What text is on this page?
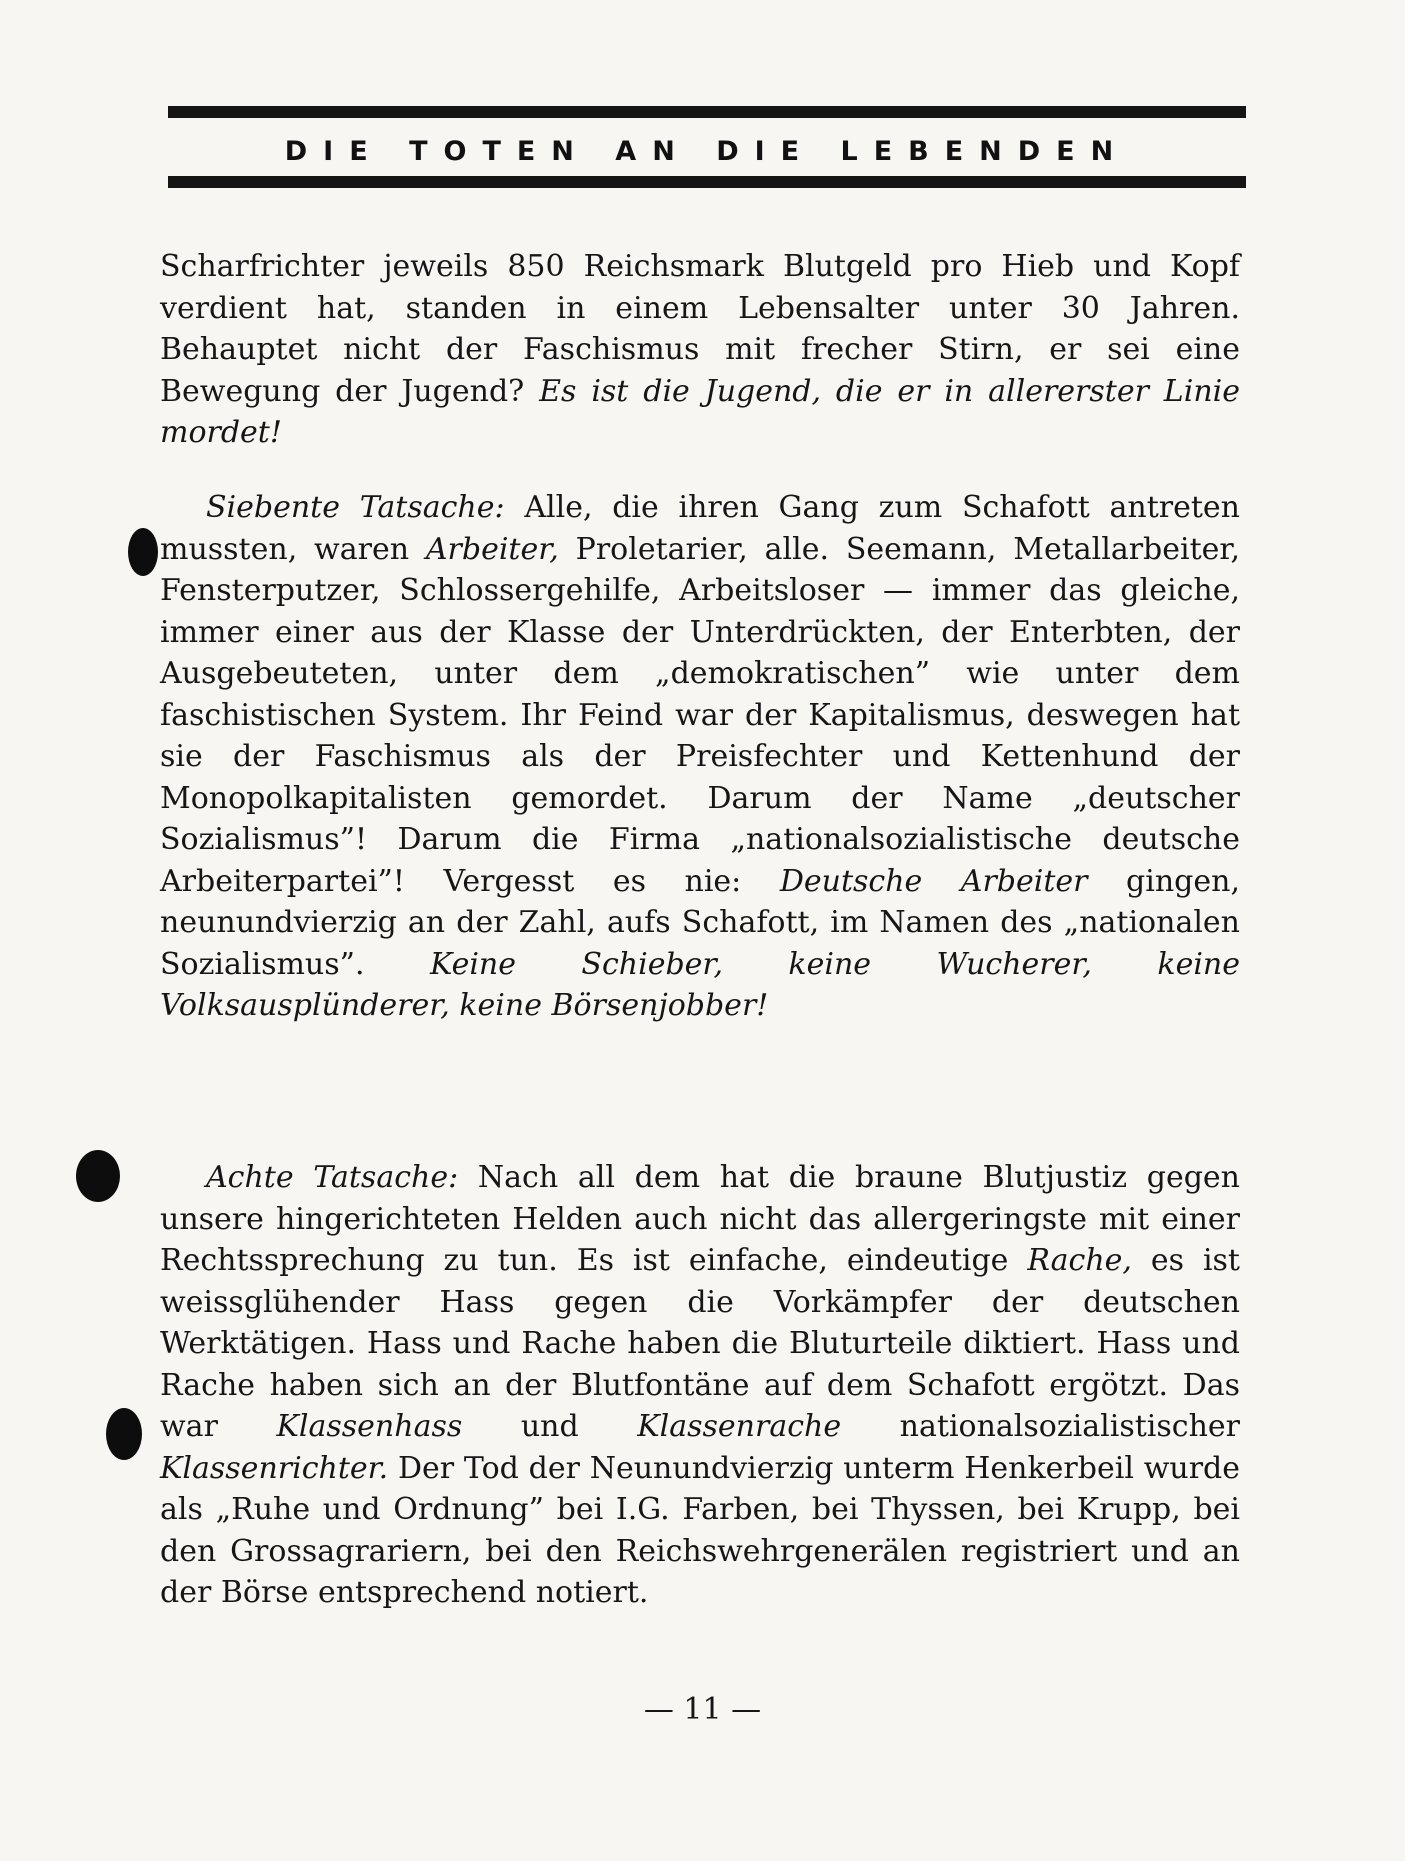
DIE TOTEN AN DIE LEBENDEN

Scharfrichter jeweils 850 Reichsmark Blutgeld pro Hieb und Kopf verdient hat, standen in einem Lebensalter unter 30 Jahren. Behauptet nicht der Faschismus mit frecher Stirn, er sei eine Bewegung der Jugend? Es ist die Jugend, die er in allererster Linie mordet!

Siebente Tatsache: Alle, die ihren Gang zum Schafott antreten mussten, waren Arbeiter, Proletarier, alle. Seemann, Metallarbeiter, Fensterputzer, Schlossergehilfe, Arbeitsloser — immer das gleiche, immer einer aus der Klasse der Unterdrückten, der Enterbten, der Ausgebeuteten, unter dem „demokratischen” wie unter dem faschistischen System. Ihr Feind war der Kapitalismus, deswegen hat sie der Faschismus als der Preisfechter und Kettenhund der Monopolkapitalisten gemordet. Darum der Name „deutscher Sozialismus”! Darum die Firma „nationalsozialistische deutsche Arbeiterpartei”! Vergesst es nie: Deutsche Arbeiter gingen, neunundvierzig an der Zahl, aufs Schafott, im Namen des „nationalen Sozialismus”. Keine Schieber, keine Wucherer, keine Volksausplünderer, keine Börsenjobber!

Achte Tatsache: Nach all dem hat die braune Blutjustiz gegen unsere hingerichteten Helden auch nicht das allergeringste mit einer Rechtssprechung zu tun. Es ist einfache, eindeutige Rache, es ist weissglühender Hass gegen die Vorkämpfer der deutschen Werktätigen. Hass und Rache haben die Bluturteile diktiert. Hass und Rache haben sich an der Blutfontäne auf dem Schafott ergötzt. Das war Klassenhass und Klassenrache nationalsozialistischer Klassenrichter. Der Tod der Neunundvierzig unterm Henkerbeil wurde als „Ruhe und Ordnung” bei I.G. Farben, bei Thyssen, bei Krupp, bei den Grossagrariern, bei den Reichswehrgenerälen registriert und an der Börse entsprechend notiert.

— 11 —
